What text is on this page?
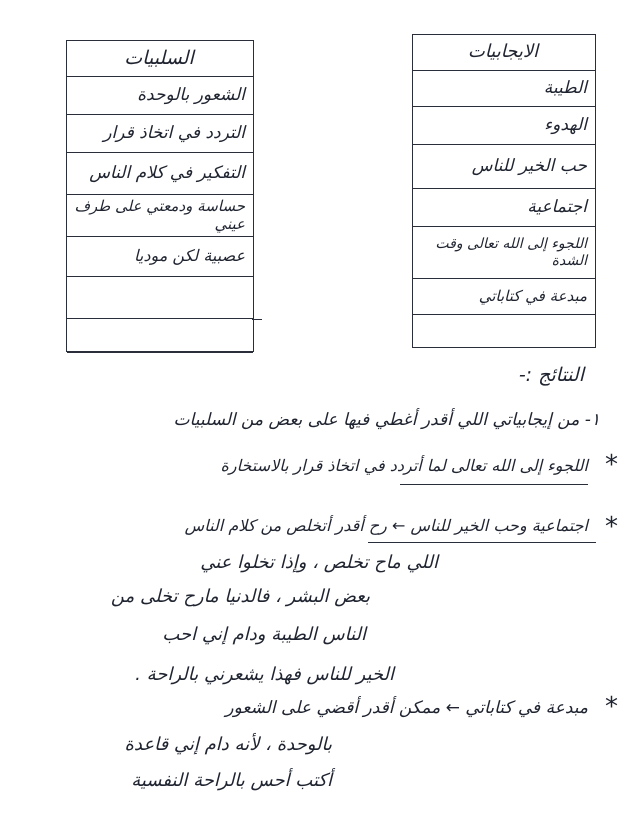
السلبيات
الشعور بالوحدة
التردد في اتخاذ قرار
التفكير في كلام الناس
حساسة ودمعتي على طرف عيني
عصبية لكن موديا
الايجابيات
الطيبة
الهدوء
حب الخير للناس
اجتماعية
اللجوء إلى الله تعالى وقت الشدة
مبدعة في كتاباتي
النتائج :-
١- من إيجابياتي اللي أقدر أغطي فيها على بعض من السلبيات
*
اللجوء إلى الله تعالى لما أتردد في اتخاذ قرار بالاستخارة
*
اجتماعية وحب الخير للناس ← رح أقدر أتخلص من كلام الناس
اللي ماح تخلص ، وإذا تخلوا عني
بعض البشر ، فالدنيا مارح تخلى من
الناس الطيبة ودام إني احب
الخير للناس فهذا يشعرني بالراحة .
*
مبدعة في كتاباتي ← ممكن أقدر أقضي على الشعور
بالوحدة ، لأنه دام إني قاعدة
أكتب أحس بالراحة النفسية
